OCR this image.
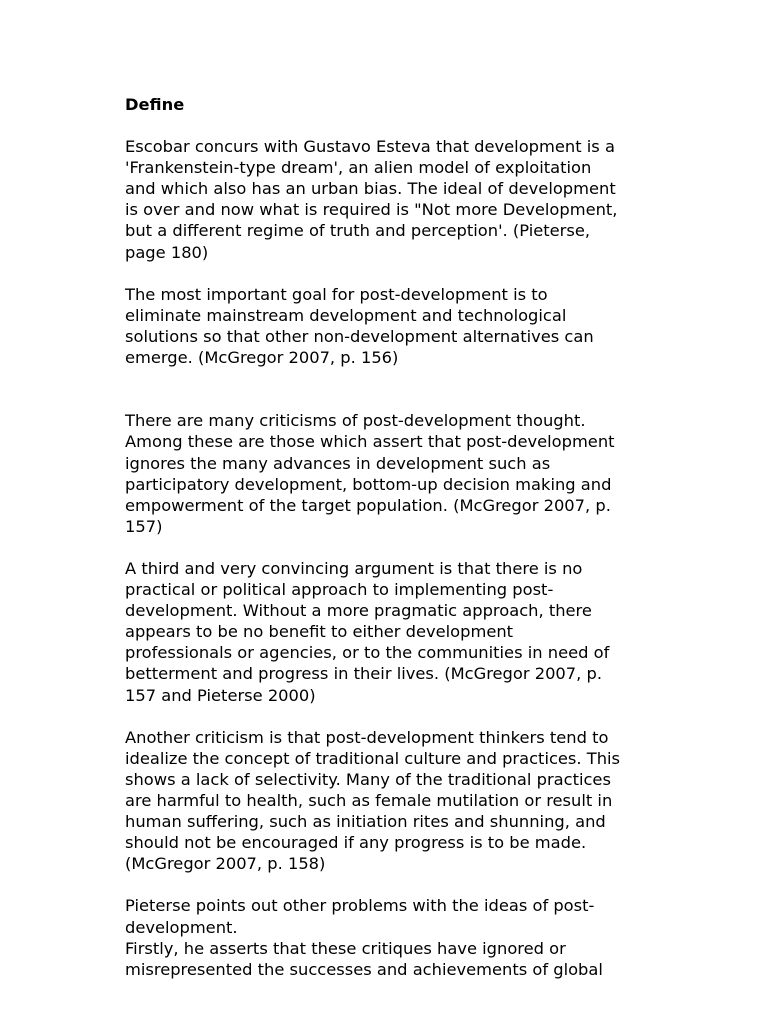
Define

Escobar concurs with Gustavo Esteva that development is a
'Frankenstein-type dream', an alien model of exploitation
and which also has an urban bias. The ideal of development
is over and now what is required is "Not more Development,
but a different regime of truth and perception'. (Pieterse,
page 180)

The most important goal for post-development is to
eliminate mainstream development and technological
solutions so that other non-development alternatives can
emerge. (McGregor 2007, p. 156)

There are many criticisms of post-development thought.
Among these are those which assert that post-development
ignores the many advances in development such as
participatory development, bottom-up decision making and
empowerment of the target population. (McGregor 2007, p.
157)

A third and very convincing argument is that there is no
practical or political approach to implementing post-
development. Without a more pragmatic approach, there
appears to be no benefit to either development
professionals or agencies, or to the communities in need of
betterment and progress in their lives. (McGregor 2007, p.
157 and Pieterse 2000)

Another criticism is that post-development thinkers tend to
idealize the concept of traditional culture and practices. This
shows a lack of selectivity. Many of the traditional practices
are harmful to health, such as female mutilation or result in
human suffering, such as initiation rites and shunning, and
should not be encouraged if any progress is to be made.
(McGregor 2007, p. 158)

Pieterse points out other problems with the ideas of post-
development.

Firstly, he asserts that these critiques have ignored or
misrepresented the successes and achievements of global
